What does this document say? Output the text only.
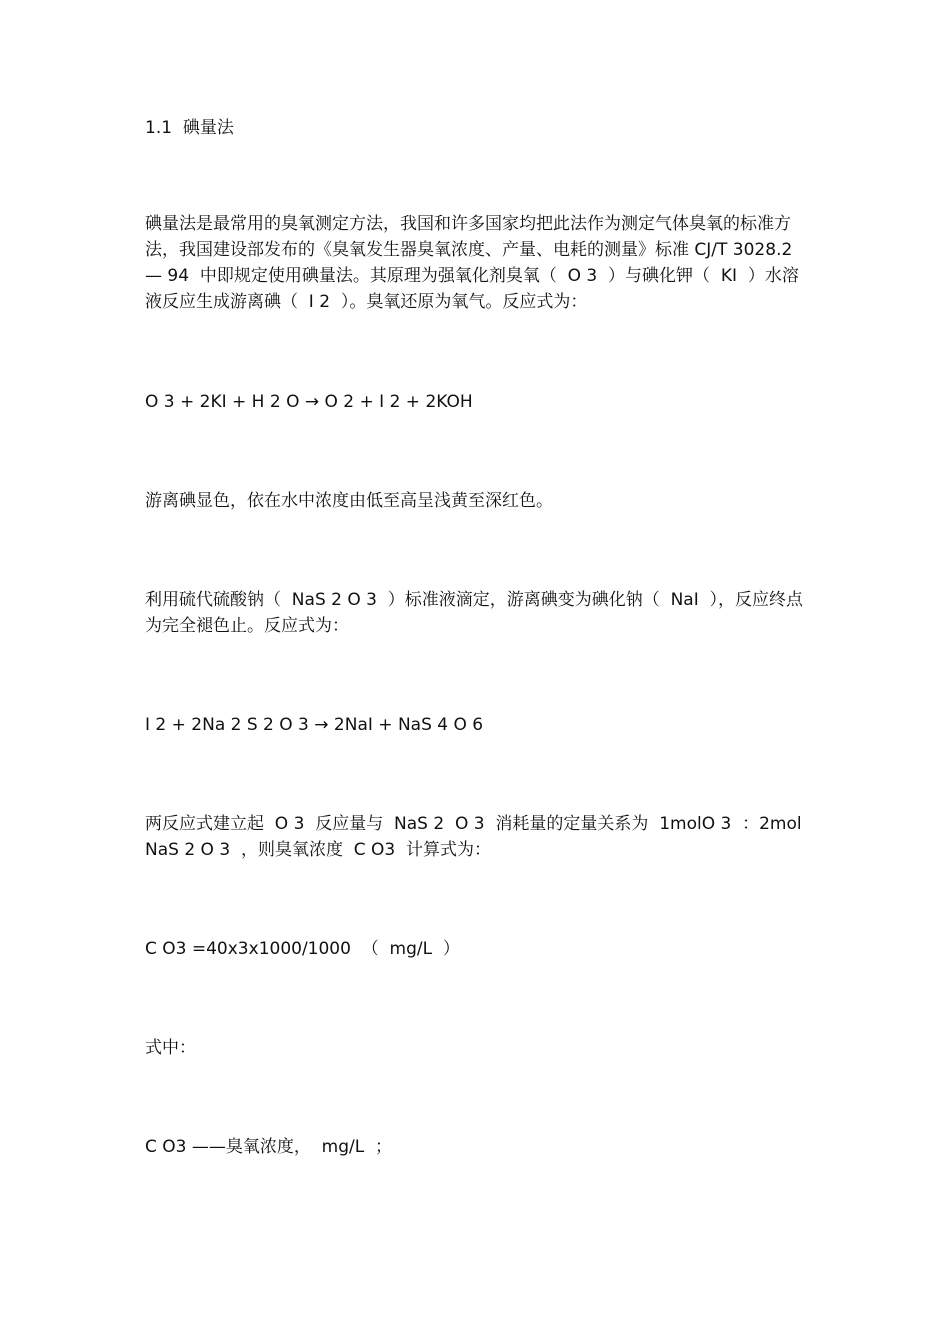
1.1  碘量法

碘量法是最常用的臭氧测定方法，我国和许多国家均把此法作为测定气体臭氧的标准方法，我国建设部发布的《臭氧发生器臭氧浓度、产量、电耗的测量》标准 CJ/T 3028.2 — 94  中即规定使用碘量法。其原理为强氧化剂臭氧（  O 3  ）与碘化钾（  KI  ）水溶液反应生成游离碘（  I 2  ）。臭氧还原为氧气。反应式为：

O 3 + 2KI + H 2 O → O 2 + I 2 + 2KOH

游离碘显色，依在水中浓度由低至高呈浅黄至深红色。

利用硫代硫酸钠（  NaS 2 O 3  ）标准液滴定，游离碘变为碘化钠（  NaI  ），反应终点为完全褪色止。反应式为：

I 2 + 2Na 2 S 2 O 3 → 2NaI + NaS 4 O 6

两反应式建立起  O 3  反应量与  NaS 2  O 3  消耗量的定量关系为  1molO 3  ：2mol NaS 2 O 3  ，则臭氧浓度  C O3  计算式为：

C O3 =40x3x1000/1000  （  mg/L  ）

式中：

C O3 ——臭氧浓度，  mg/L  ；
